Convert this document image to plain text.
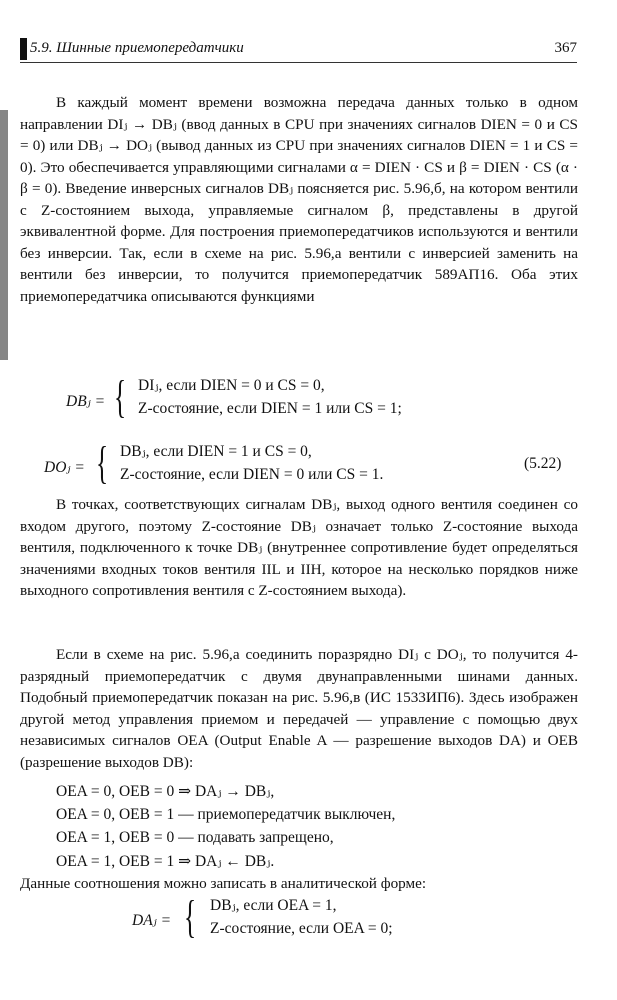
5.9. Шинные приемопередатчики	367

В каждый момент времени возможна передача данных только в одном направлении DIⱼ → DBⱼ (ввод данных в CPU при значениях сигналов DIEN = 0 и CS = 0) или DBⱼ → DOⱼ (вывод данных из CPU при значениях сигналов DIEN = 1 и CS = 0). Это обеспечивается управляющими сигналами α = DIEN · CS и β = DIEN · CS (α · β = 0). Введение инверсных сигналов DBⱼ поясняется рис. 5.96,б, на котором вентили с Z-состоянием выхода, управляемые сигналом β, представлены в другой эквивалентной форме. Для построения приемопередатчиков используются и вентили без инверсии. Так, если в схеме на рис. 5.96,а вентили с инверсией заменить на вентили без инверсии, то получится приемопередатчик 589АП16. Оба этих приемопередатчика описываются функциями

DBⱼ = { DIⱼ, если DIEN = 0 и CS = 0,
Z-состояние, если DIEN = 1 или CS = 1;
DOⱼ = { DBⱼ, если DIEN = 1 и CS = 0,
Z-состояние, если DIEN = 0 или CS = 1.
(5.22)

В точках, соответствующих сигналам DBⱼ, выход одного вентиля соединен со входом другого, поэтому Z-состояние DBⱼ означает только Z-состояние выхода вентиля, подключенного к точке DBⱼ (внутреннее сопротивление будет определяться значениями входных токов вентиля IIL и IIH, которое на несколько порядков ниже выходного сопротивления вентиля с Z-состоянием выхода).

Если в схеме на рис. 5.96,а соединить поразрядно DIⱼ с DOⱼ, то получится 4-разрядный приемопередатчик с двумя двунаправленными шинами данных. Подобный приемопередатчик показан на рис. 5.96,в (ИС 1533ИП6). Здесь изображен другой метод управления приемом и передачей — управление с помощью двух независимых сигналов OEA (Output Enable A — разрешение выходов DA) и OEB (разрешение выходов DB):

OEA = 0, OEB = 0 ⇒ DAⱼ → DBⱼ,
OEA = 0, OEB = 1 — приемопередатчик выключен,
OEA = 1, OEB = 0 — подавать запрещено,
OEA = 1, OEB = 1 ⇒ DAⱼ ← DBⱼ.

Данные соотношения можно записать в аналитической форме:

DAⱼ = { DBⱼ, если OEA = 1,
Z-состояние, если OEA = 0;
